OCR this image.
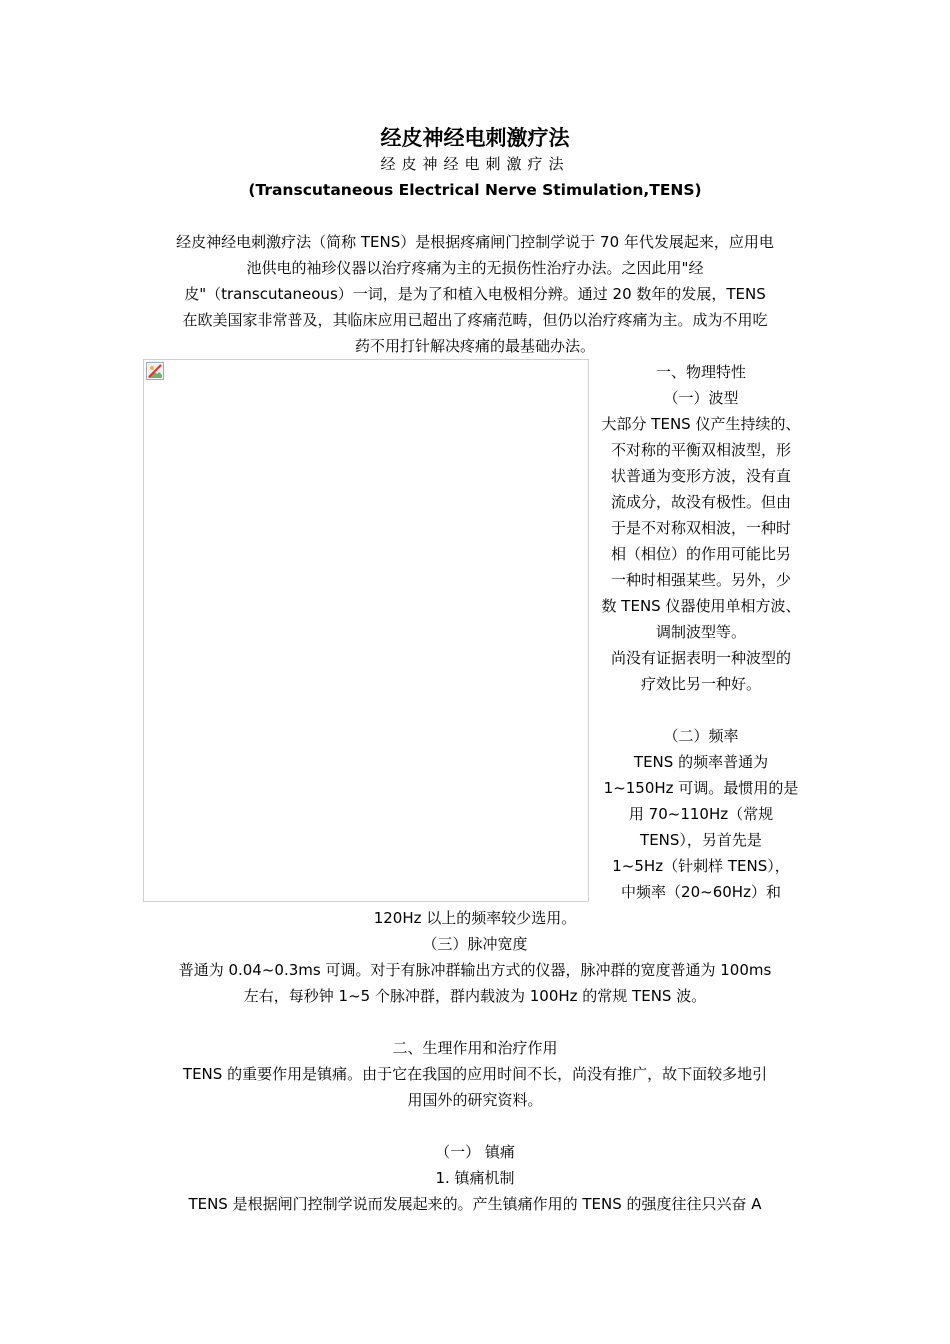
经皮神经电刺激疗法
经皮神经电刺激疗法
(Transcutaneous Electrical Nerve Stimulation,TENS)
经皮神经电刺激疗法（简称 TENS）是根据疼痛闸门控制学说于 70 年代发展起来，应用电
池供电的袖珍仪器以治疗疼痛为主的无损伤性治疗办法。之因此用"经
皮"（transcutaneous）一词，是为了和植入电极相分辨。通过 20 数年的发展，TENS
在欧美国家非常普及，其临床应用已超出了疼痛范畴，但仍以治疗疼痛为主。成为不用吃
药不用打针解决疼痛的最基础办法。
一、物理特性
（一）波型
大部分 TENS 仪产生持续的、
不对称的平衡双相波型，形
状普通为变形方波，没有直
流成分，故没有极性。但由
于是不对称双相波，一种时
相（相位）的作用可能比另
一种时相强某些。另外，少
数 TENS 仪器使用单相方波、
调制波型等。
尚没有证据表明一种波型的
疗效比另一种好。
（二）频率
TENS 的频率普通为
1~150Hz 可调。最惯用的是
用 70~110Hz（常规
TENS），另首先是
1~5Hz（针刺样 TENS），
中频率（20~60Hz）和
120Hz 以上的频率较少选用。
（三）脉冲宽度
普通为 0.04~0.3ms 可调。对于有脉冲群输出方式的仪器，脉冲群的宽度普通为 100ms
左右，每秒钟 1~5 个脉冲群，群内载波为 100Hz 的常规 TENS 波。
二、生理作用和治疗作用
TENS 的重要作用是镇痛。由于它在我国的应用时间不长，尚没有推广，故下面较多地引
用国外的研究资料。
（一） 镇痛
1. 镇痛机制
TENS 是根据闸门控制学说而发展起来的。产生镇痛作用的 TENS 的强度往往只兴奋 A
